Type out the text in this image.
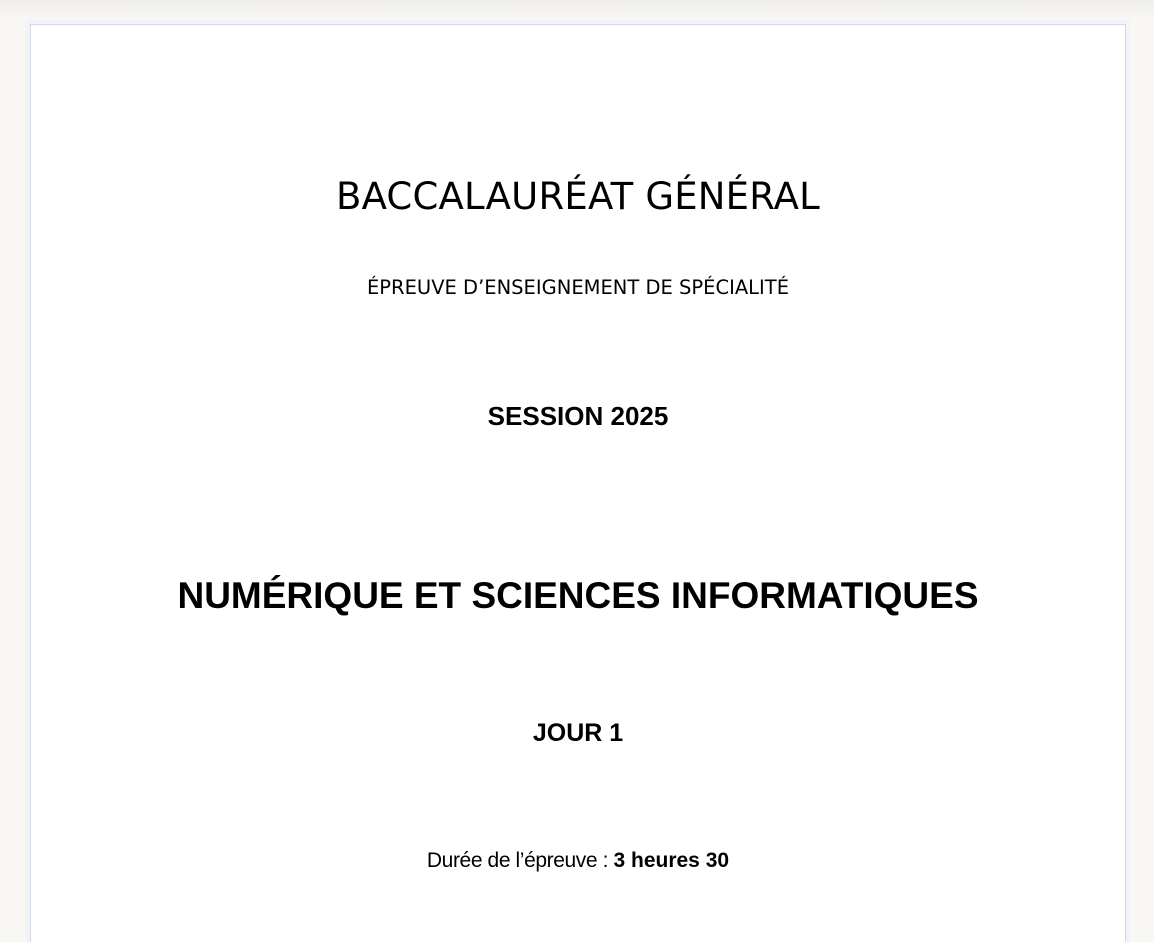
BACCALAURÉAT GÉNÉRAL
ÉPREUVE D’ENSEIGNEMENT DE SPÉCIALITÉ
SESSION 2025
NUMÉRIQUE ET SCIENCES INFORMATIQUES
JOUR 1
Durée de l’épreuve : 3 heures 30
